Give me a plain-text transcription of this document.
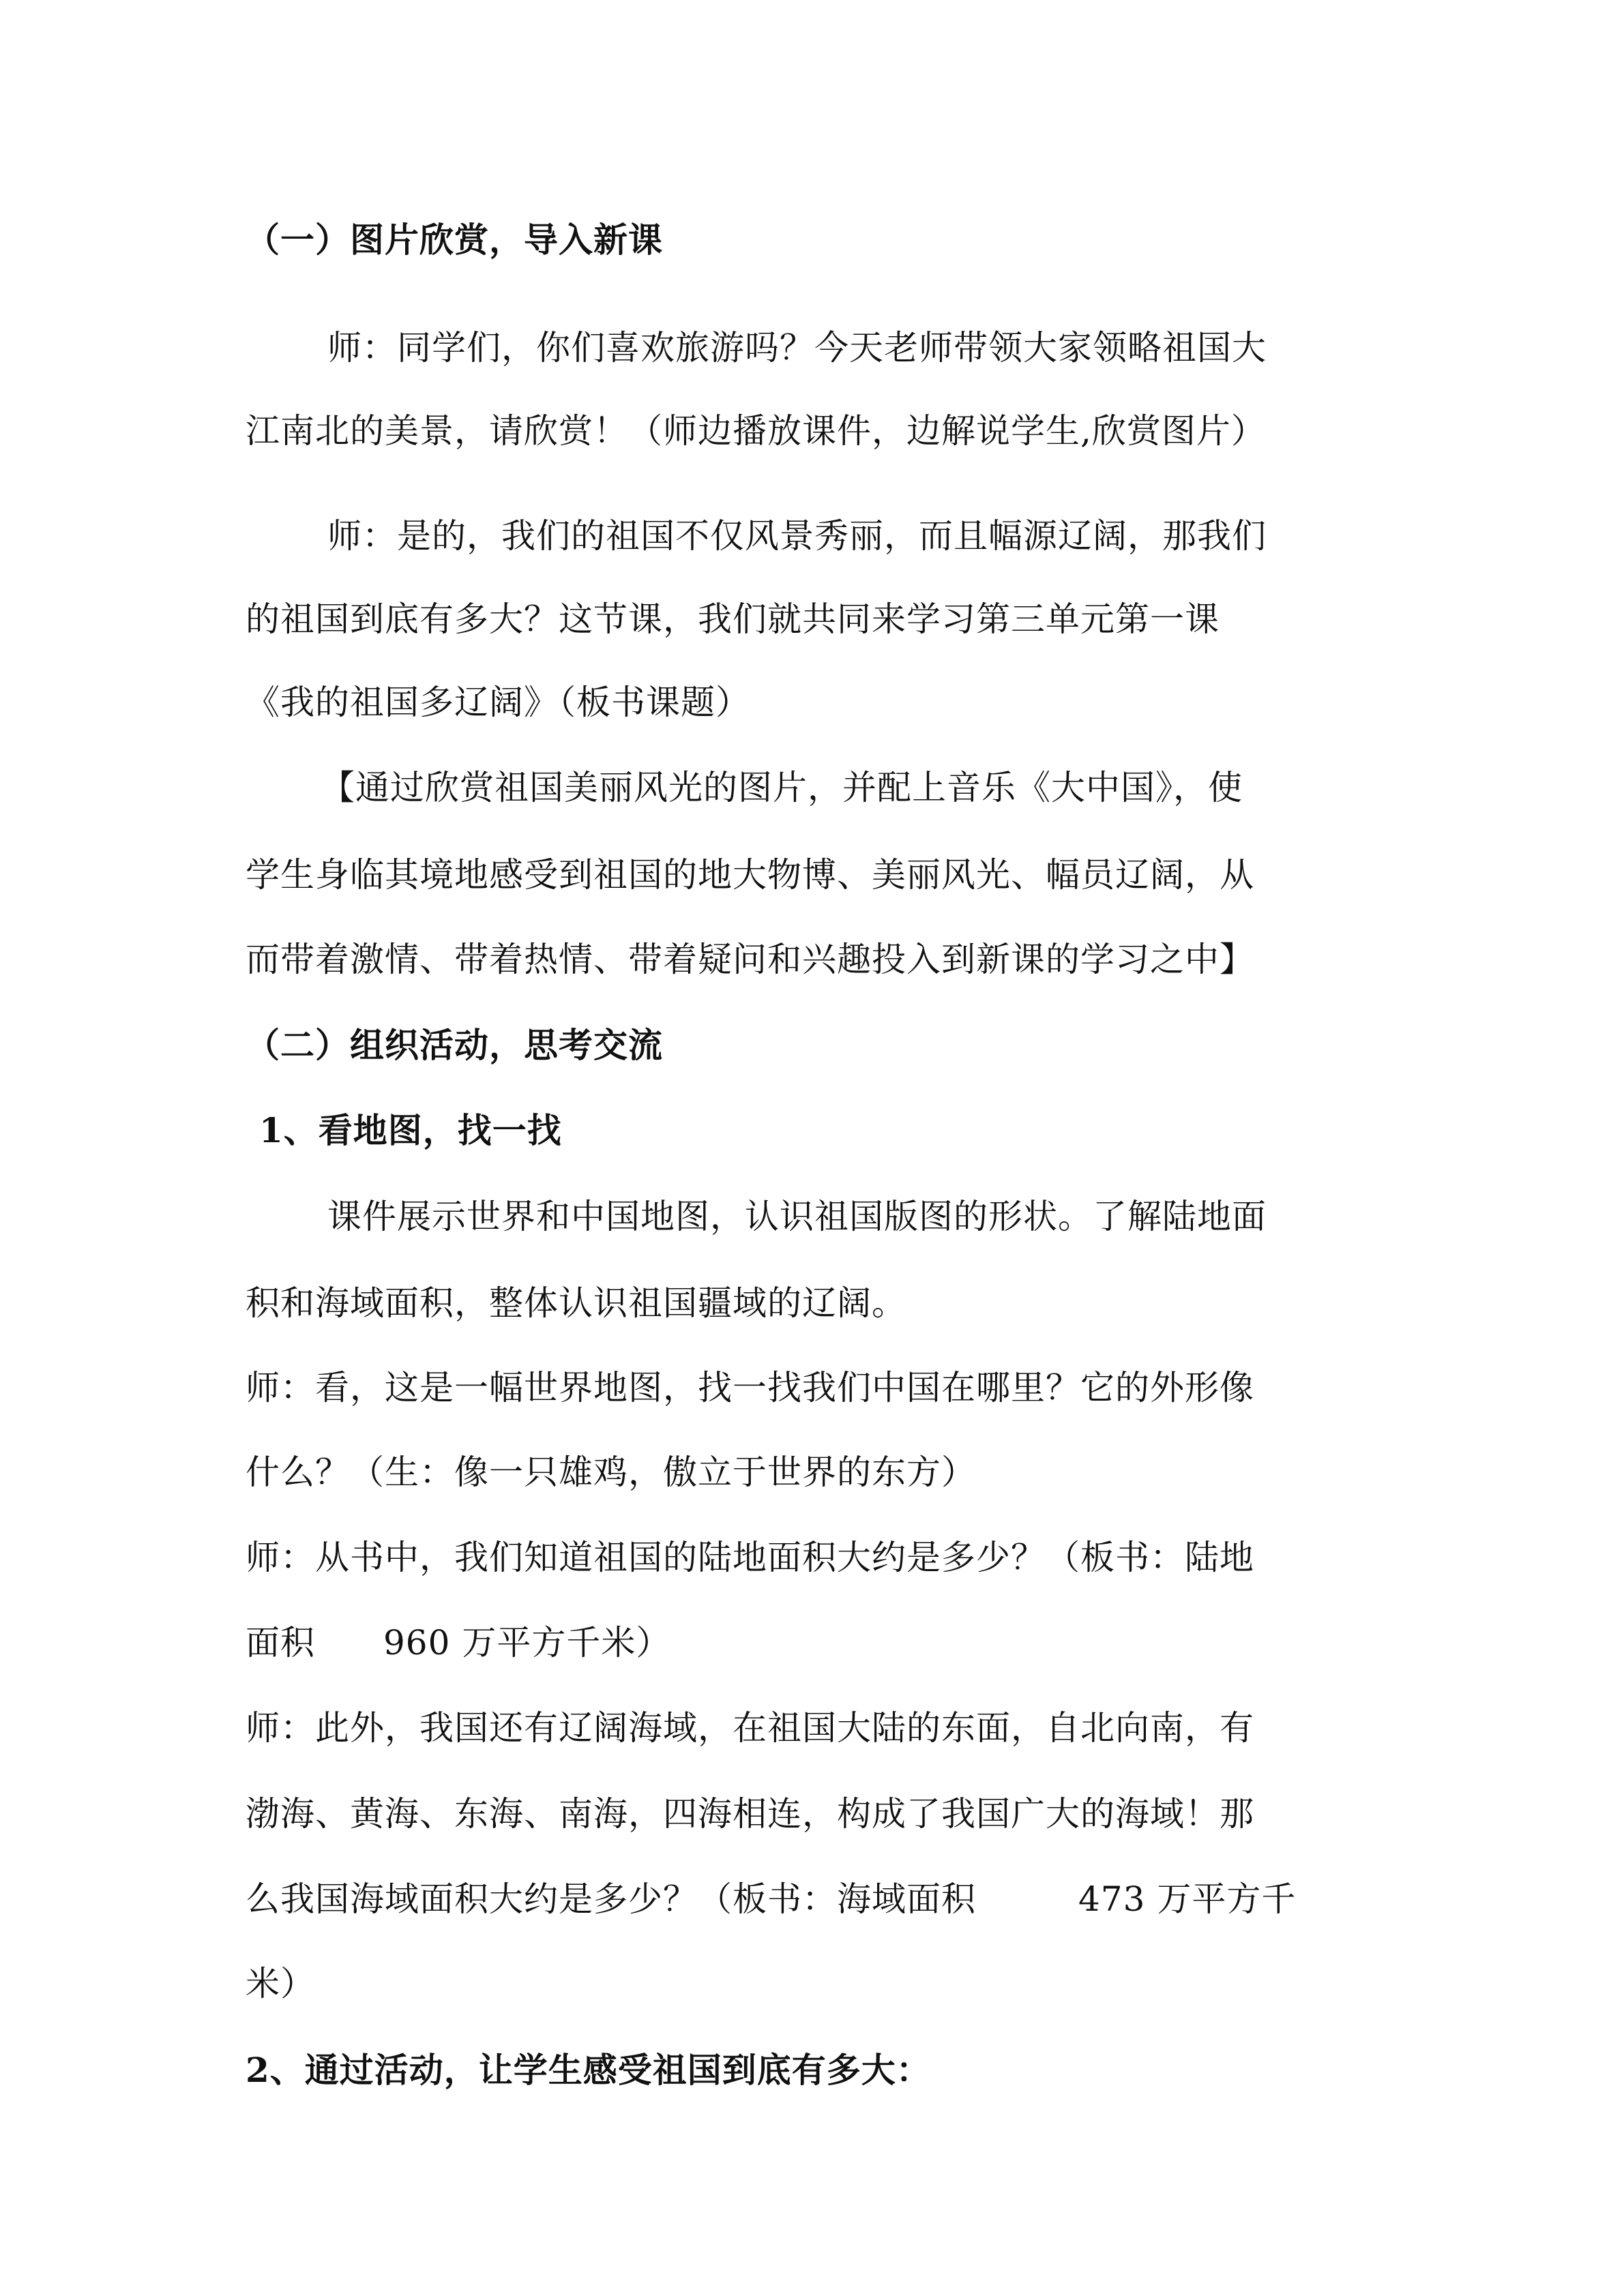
（一）图片欣赏，导入新课
师：同学们，你们喜欢旅游吗？今天老师带领大家领略祖国大
江南北的美景，请欣赏！（师边播放课件，边解说学生,欣赏图片）
师：是的，我们的祖国不仅风景秀丽，而且幅源辽阔，那我们
的祖国到底有多大？这节课，我们就共同来学习第三单元第一课
《我的祖国多辽阔》（板书课题）
【通过欣赏祖国美丽风光的图片，并配上音乐《大中国》，使
学生身临其境地感受到祖国的地大物博、美丽风光、幅员辽阔，从
而带着激情、带着热情、带着疑问和兴趣投入到新课的学习之中】
（二）组织活动，思考交流
1、看地图，找一找
课件展示世界和中国地图，认识祖国版图的形状。了解陆地面
积和海域面积，整体认识祖国疆域的辽阔。
师：看，这是一幅世界地图，找一找我们中国在哪里？它的外形像
什么？（生：像一只雄鸡，傲立于世界的东方）
师：从书中，我们知道祖国的陆地面积大约是多少？（板书：陆地
面积 960 万平方千米）
师：此外，我国还有辽阔海域，在祖国大陆的东面，自北向南，有
渤海、黄海、东海、南海，四海相连，构成了我国广大的海域！那
么我国海域面积大约是多少？（板书：海域面积	473 万平方千
米）
2、通过活动，让学生感受祖国到底有多大：
